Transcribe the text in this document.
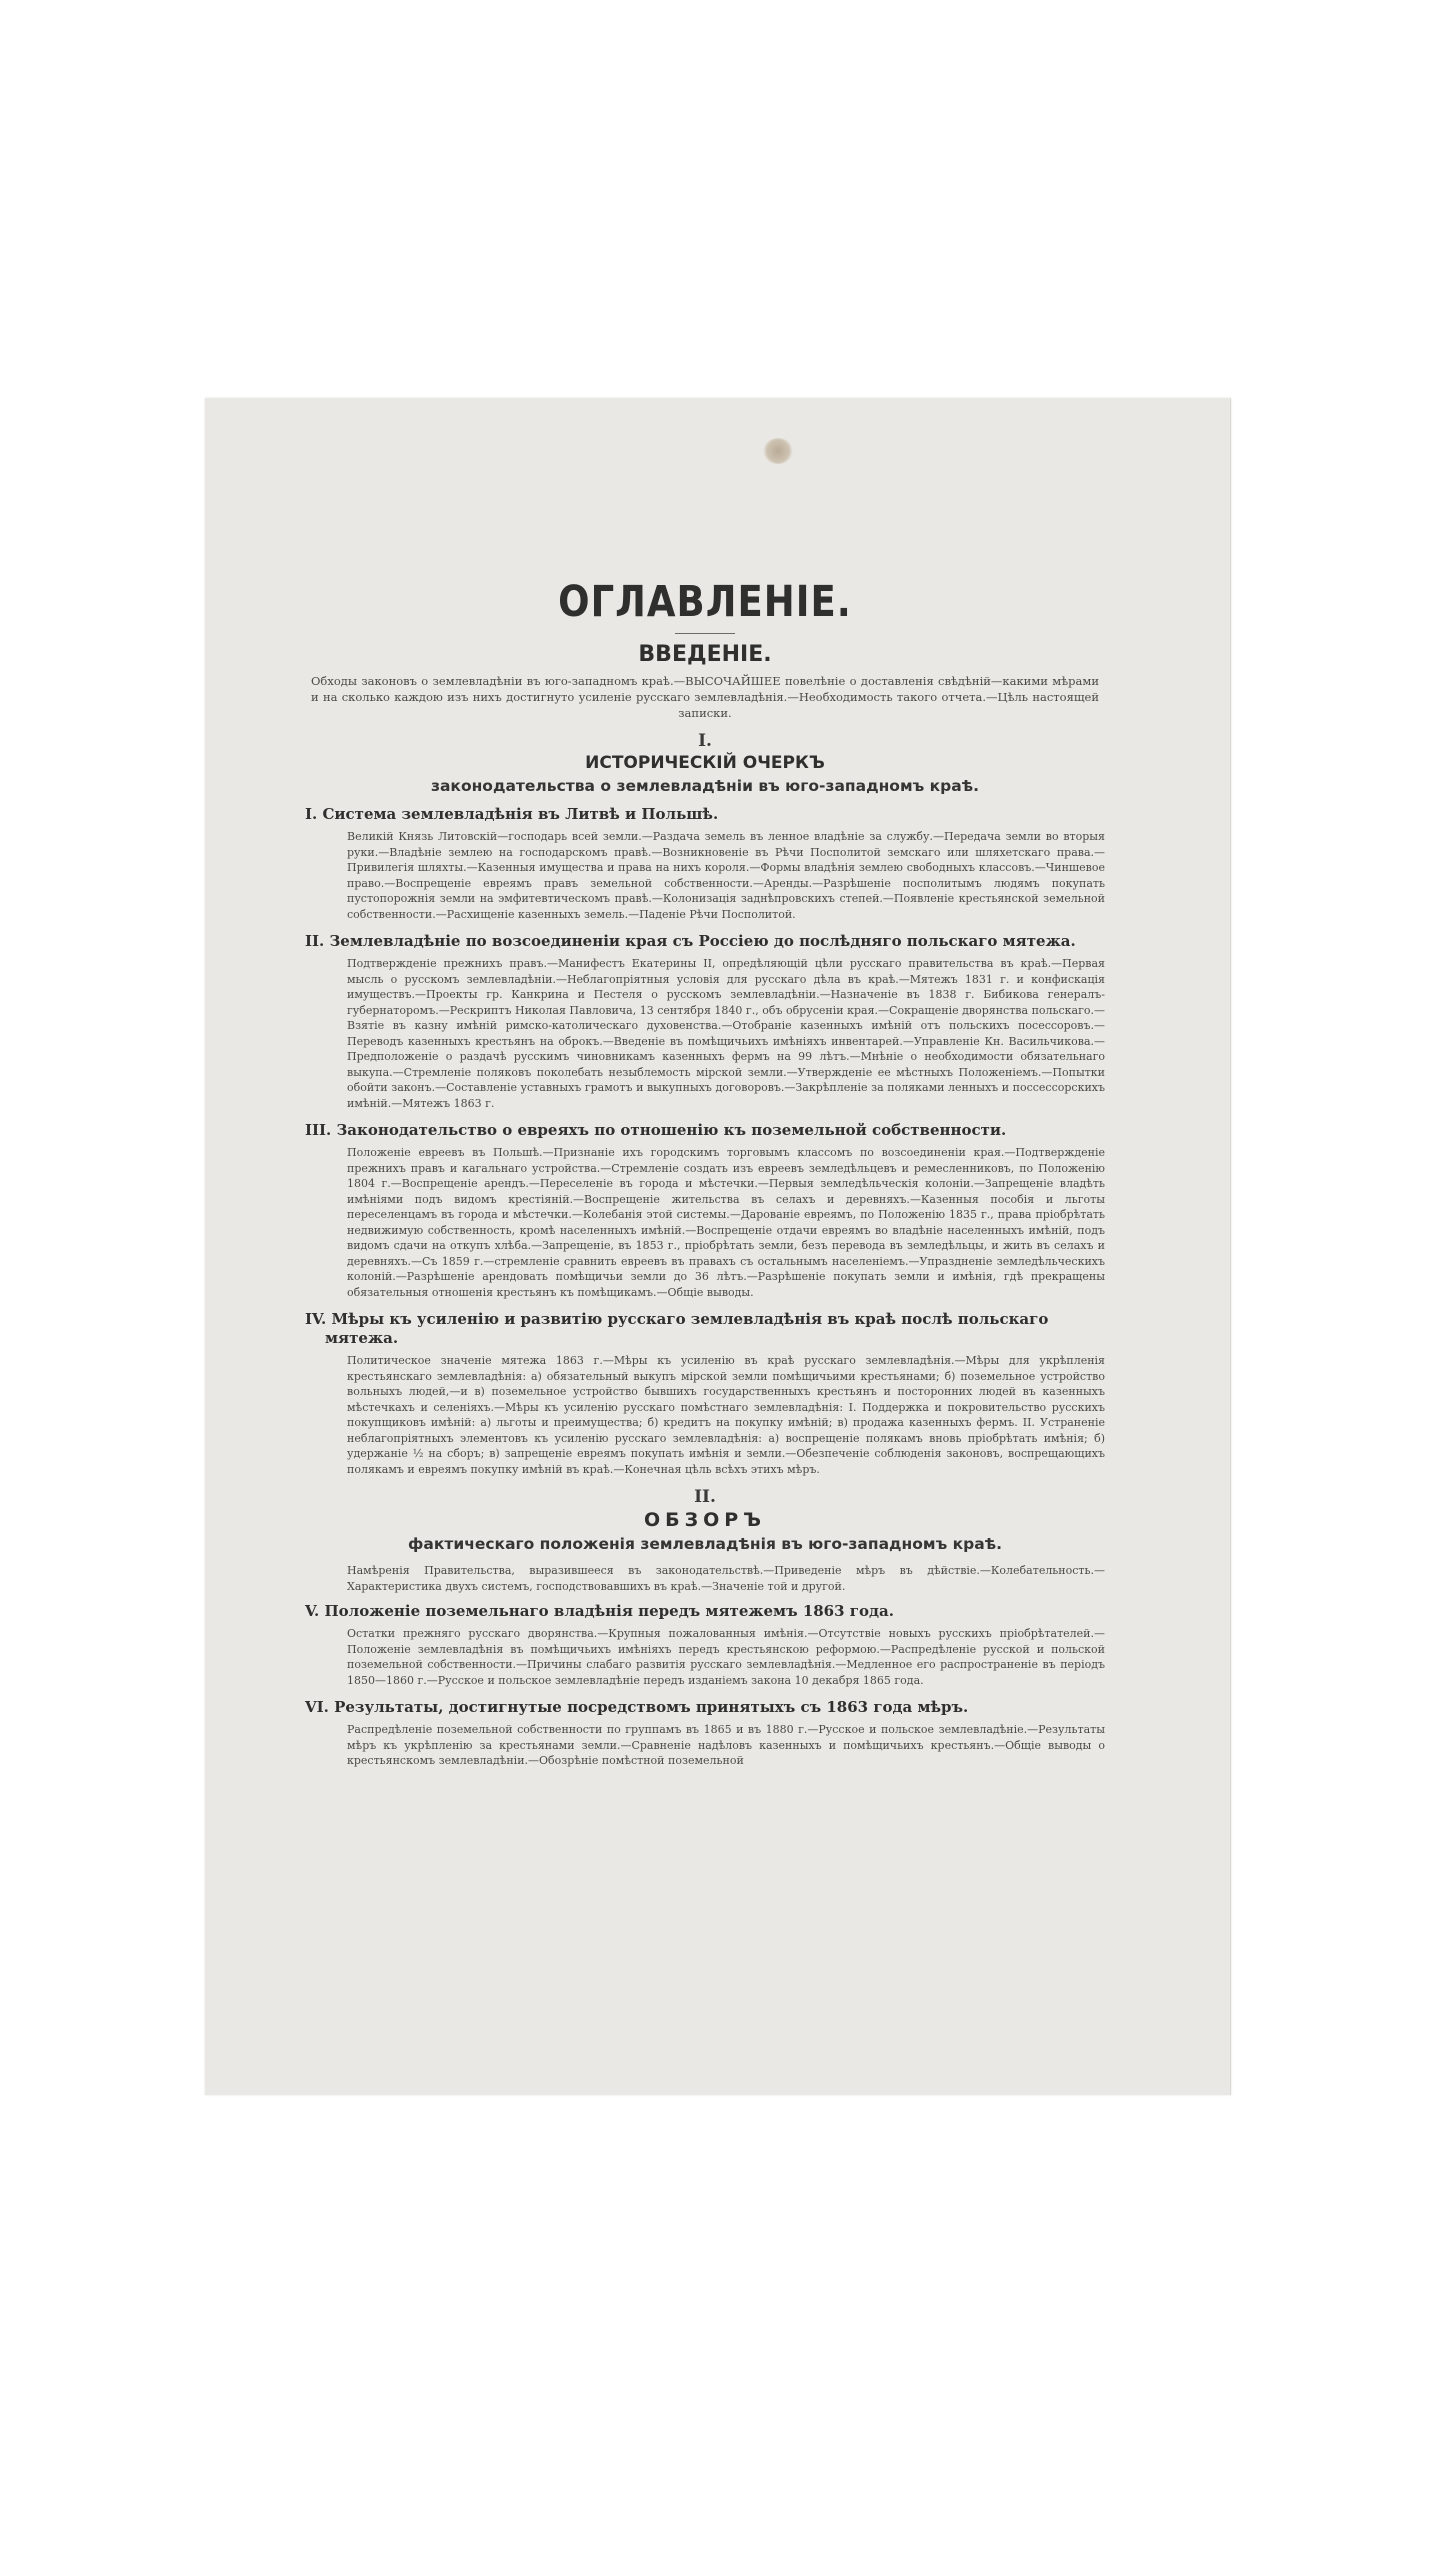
ОГЛАВЛЕНІЕ.
ВВЕДЕНІЕ.

Обходы законовъ о землевладѣніи въ юго-западномъ краѣ.—ВЫСОЧАЙШЕЕ повелѣніе о доставленія свѣдѣній—какими мѣрами и на сколько каждою изъ нихъ достигнуто усиленіе русскаго землевладѣнія.—Необходимость такого отчета.—Цѣль настоящей записки.

I.
ИСТОРИЧЕСКІЙ ОЧЕРКЪ
законодательства о землевладѣніи въ юго-западномъ краѣ.
I. Система землевладѣнія въ Литвѣ и Польшѣ.

Великій Князь Литовскій—господарь всей земли.—Раздача земель въ ленное владѣніе за службу.—Передача земли во вторыя руки.—Владѣніе землею на господарскомъ правѣ.—Возникновеніе въ Рѣчи Посполитой земскаго или шляхетскаго права.—Привилегія шляхты.—Казенныя имущества и права на нихъ короля.—Формы владѣнія землею свободныхъ классовъ.—Чиншевое право.—Воспрещеніе евреямъ правъ земельной собственности.—Аренды.—Разрѣшеніе посполитымъ людямъ покупать пустопорожнія земли на эмфитевтическомъ правѣ.—Колонизація заднѣпровскихъ степей.—Появленіе крестьянской земельной собственности.—Расхищеніе казенныхъ земель.—Паденіе Рѣчи Посполитой.

II. Землевладѣніе по возсоединеніи края съ Россіею до послѣдняго польскаго мятежа.

Подтвержденіе прежнихъ правъ.—Манифестъ Екатерины II, опредѣляющій цѣли русскаго правительства въ краѣ.—Первая мысль о русскомъ землевладѣніи.—Неблагопріятныя условія для русскаго дѣла въ краѣ.—Мятежъ 1831 г. и конфискація имуществъ.—Проекты гр. Канкрина и Пестеля о русскомъ землевладѣніи.—Назначеніе въ 1838 г. Бибикова генералъ-губернаторомъ.—Рескриптъ Николая Павловича, 13 сентября 1840 г., объ обрусеніи края.—Сокращеніе дворянства польскаго.—Взятіе въ казну имѣній римско-католическаго духовенства.—Отобраніе казенныхъ имѣній отъ польскихъ посессоровъ.—Переводъ казенныхъ крестьянъ на оброкъ.—Введеніе въ помѣщичьихъ имѣніяхъ инвентарей.—Управленіе Кн. Васильчикова.—Предположеніе о раздачѣ русскимъ чиновникамъ казенныхъ фермъ на 99 лѣтъ.—Мнѣніе о необходимости обязательнаго выкупа.—Стремленіе поляковъ поколебать незыблемость мірской земли.—Утвержденіе ее мѣстныхъ Положеніемъ.—Попытки обойти законъ.—Составленіе уставныхъ грамотъ и выкупныхъ договоровъ.—Закрѣпленіе за поляками ленныхъ и поссессорскихъ имѣній.—Мятежъ 1863 г.

III. Законодательство о евреяхъ по отношенію къ поземельной собственности.

Положеніе евреевъ въ Польшѣ.—Признаніе ихъ городскимъ торговымъ классомъ по возсоединеніи края.—Подтвержденіе прежнихъ правъ и кагальнаго устройства.—Стремленіе создать изъ евреевъ земледѣльцевъ и ремесленниковъ, по Положенію 1804 г.—Воспрещеніе арендъ.—Переселеніе въ города и мѣстечки.—Первыя земледѣльческія колоніи.—Запрещеніе владѣть имѣніями подъ видомъ крестіяній.—Воспрещеніе жительства въ селахъ и деревняхъ.—Казенныя пособія и льготы переселенцамъ въ города и мѣстечки.—Колебанія этой системы.—Дарованіе евреямъ, по Положенію 1835 г., права пріобрѣтать недвижимую собственность, кромѣ населенныхъ имѣній.—Воспрещеніе отдачи евреямъ во владѣніе населенныхъ имѣній, подъ видомъ сдачи на откупъ хлѣба.—Запрещеніе, въ 1853 г., пріобрѣтать земли, безъ перевода въ земледѣльцы, и жить въ селахъ и деревняхъ.—Съ 1859 г.—стремленіе сравнить евреевъ въ правахъ съ остальнымъ населеніемъ.—Упраздненіе земледѣльческихъ колоній.—Разрѣшеніе арендовать помѣщичьи земли до 36 лѣтъ.—Разрѣшеніе покупать земли и имѣнія, гдѣ прекращены обязательныя отношенія крестьянъ къ помѣщикамъ.—Общіе выводы.

IV. Мѣры къ усиленію и развитію русскаго землевладѣнія въ краѣ послѣ польскаго мятежа.

Политическое значеніе мятежа 1863 г.—Мѣры къ усиленію въ краѣ русскаго землевладѣнія.—Мѣры для укрѣпленія крестьянскаго землевладѣнія: а) обязательный выкупъ мірской земли помѣщичьими крестьянами; б) поземельное устройство вольныхъ людей,—и в) поземельное устройство бывшихъ государственныхъ крестьянъ и посторонних людей въ казенныхъ мѣстечкахъ и селеніяхъ.—Мѣры къ усиленію русскаго помѣстнаго землевладѣнія: I. Поддержка и покровительство русскихъ покупщиковъ имѣній: а) льготы и преимущества; б) кредитъ на покупку имѣній; в) продажа казенныхъ фермъ. II. Устраненіе неблагопріятныхъ элементовъ къ усиленію русскаго землевладѣнія: а) воспрещеніе полякамъ вновь пріобрѣтать имѣнія; б) удержаніе ½ на сборъ; в) запрещеніе евреямъ покупать имѣнія и земли.—Обезпеченіе соблюденія законовъ, воспрещающихъ полякамъ и евреямъ покупку имѣній въ краѣ.—Конечная цѣль всѣхъ этихъ мѣръ.

II.
ОБЗОРЪ
фактическаго положенія землевладѣнія въ юго-западномъ краѣ.

Намѣренія Правительства, выразившееся въ законодательствѣ.—Приведеніе мѣръ въ дѣйствіе.—Колебательность.—Характеристика двухъ системъ, господствовавшихъ въ краѣ.—Значеніе той и другой.

V. Положеніе поземельнаго владѣнія передъ мятежемъ 1863 года.

Остатки прежняго русскаго дворянства.—Крупныя пожалованныя имѣнія.—Отсутствіе новыхъ русскихъ пріобрѣтателей.—Положеніе землевладѣнія въ помѣщичьихъ имѣніяхъ передъ крестьянскою реформою.—Распредѣленіе русской и польской поземельной собственности.—Причины слабаго развитія русскаго землевладѣнія.—Медленное его распространеніе въ періодъ 1850—1860 г.—Русское и польское землевладѣніе передъ изданіемъ закона 10 декабря 1865 года.

VI. Результаты, достигнутые посредствомъ принятыхъ съ 1863 года мѣръ.

Распредѣленіе поземельной собственности по группамъ въ 1865 и въ 1880 г.—Русское и польское землевладѣніе.—Результаты мѣръ къ укрѣпленію за крестьянами земли.—Сравненіе надѣловъ казенныхъ и помѣщичьихъ крестьянъ.—Общіе выводы о крестьянскомъ землевладѣніи.—Обозрѣніе помѣстной поземельной
